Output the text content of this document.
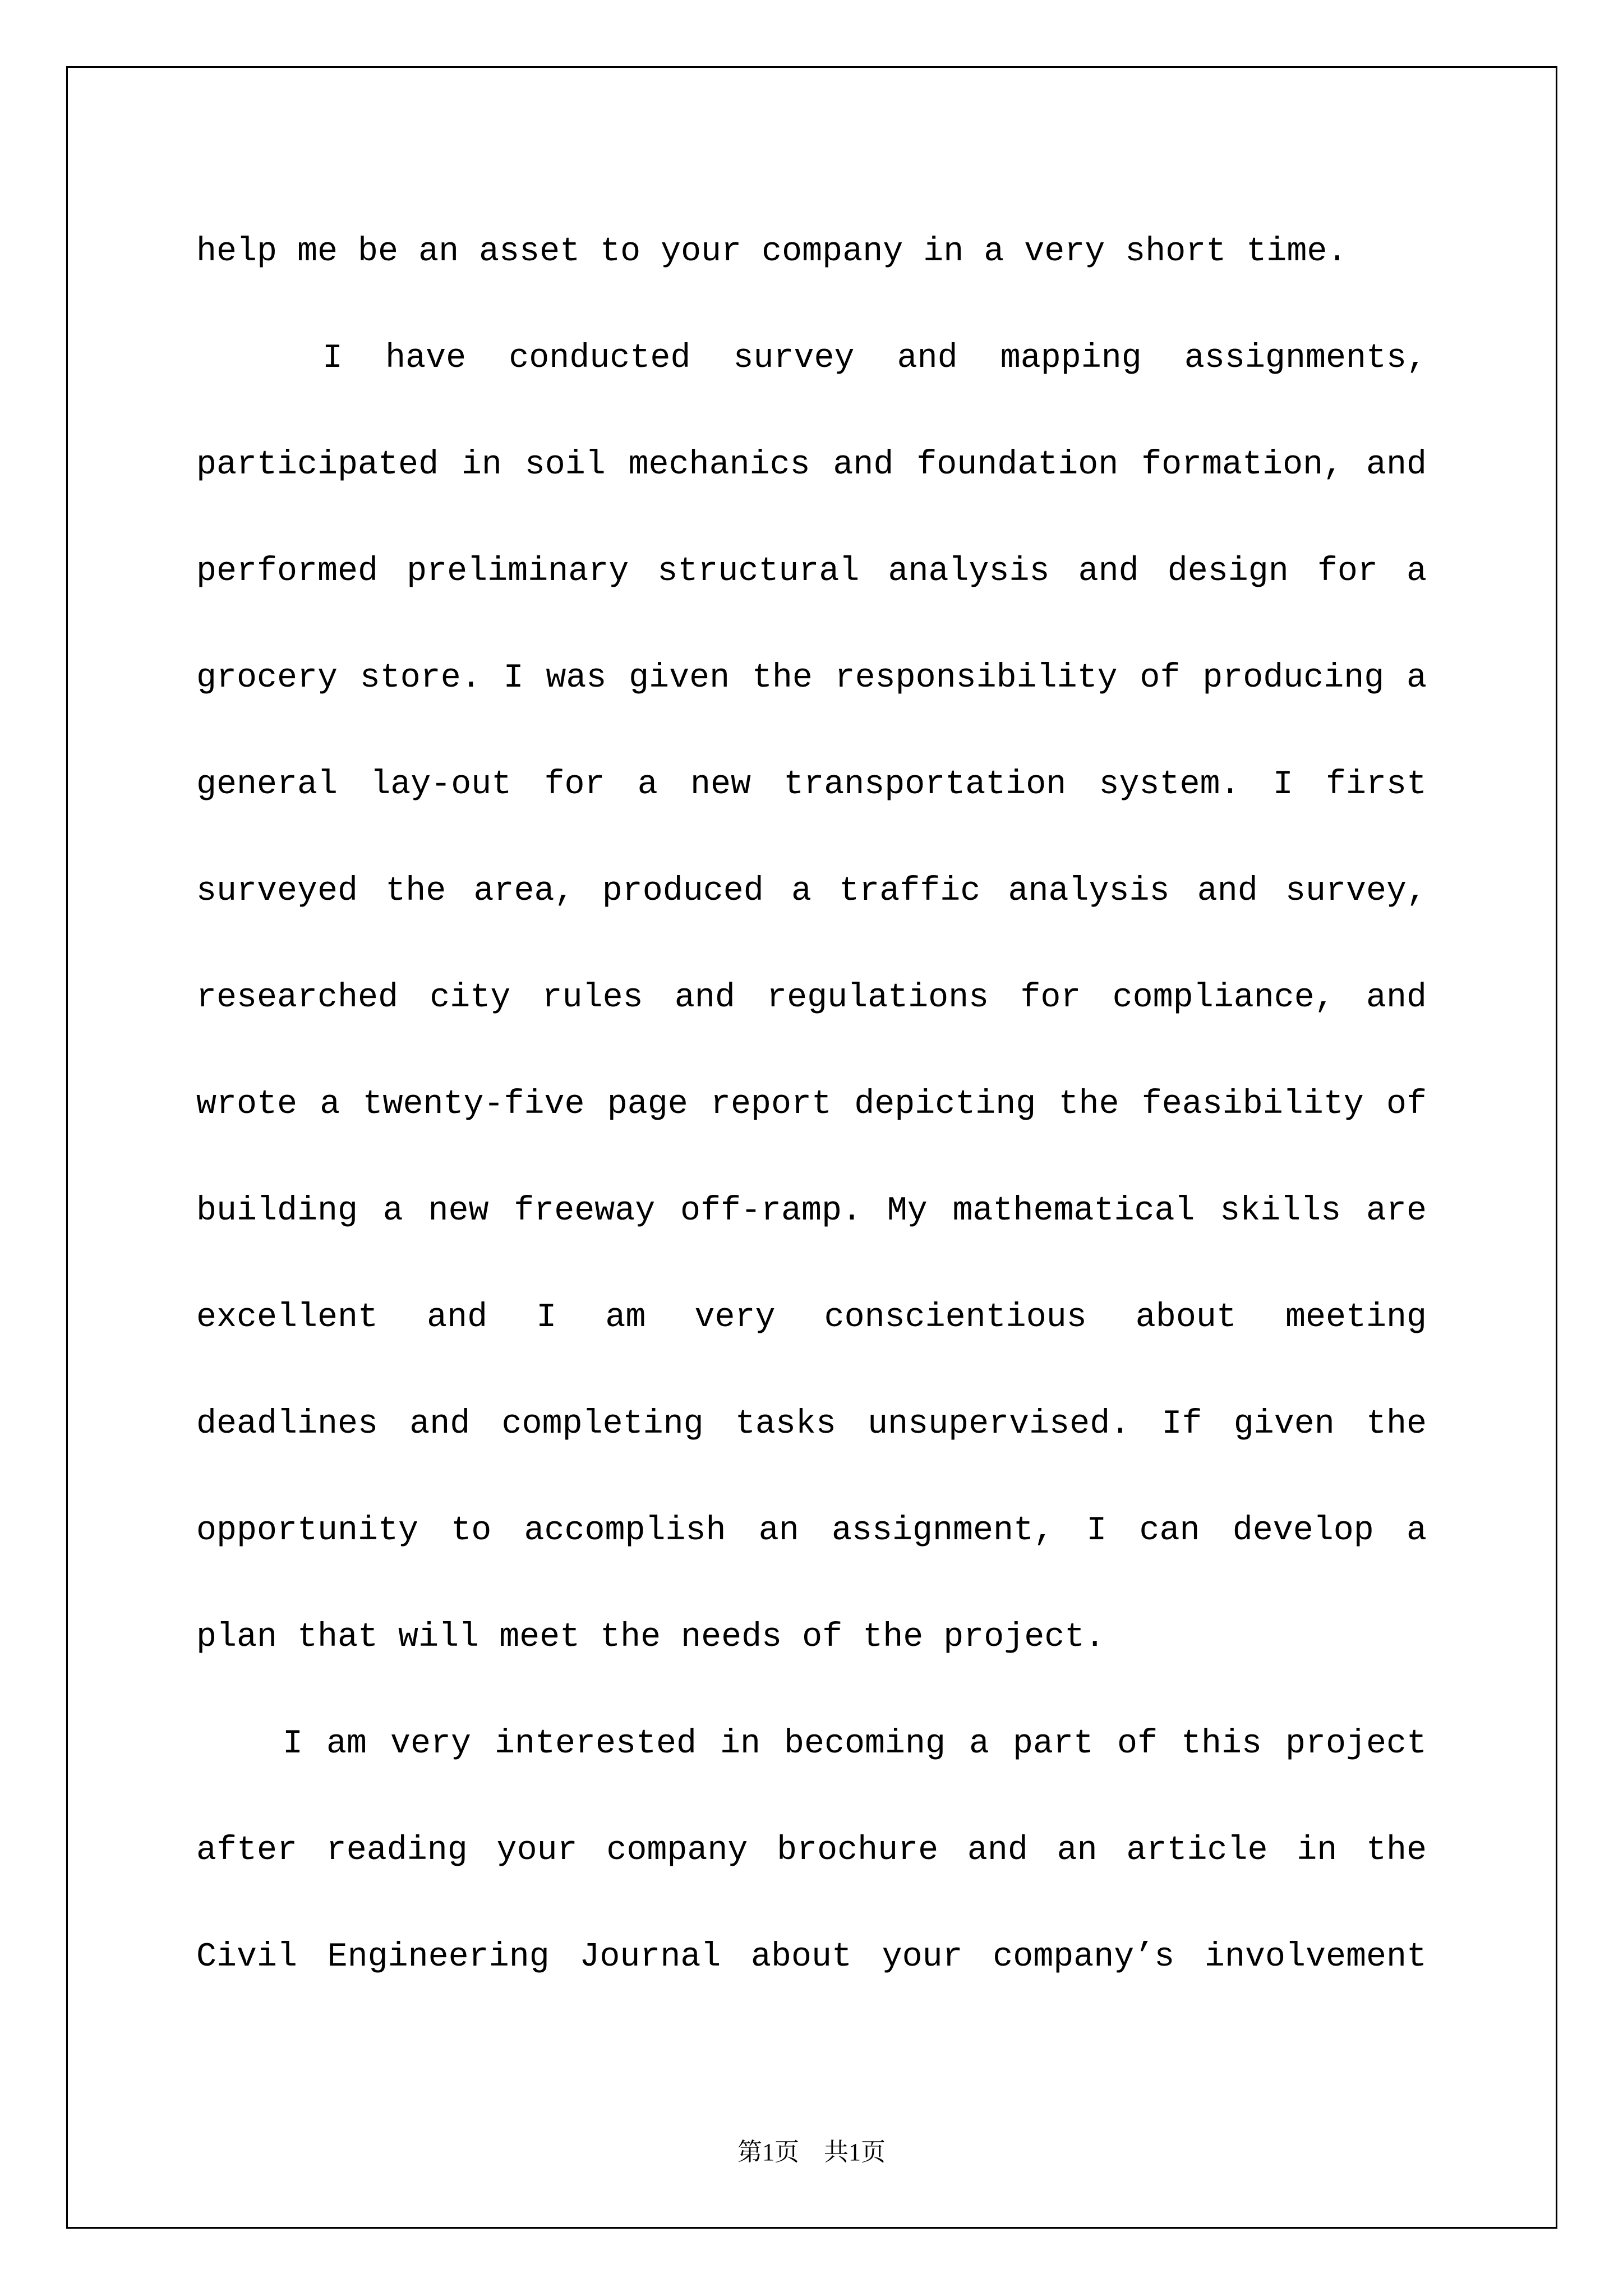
help me be an asset to your company in a very short time.
I have conducted survey and mapping assignments,
participated in soil mechanics and foundation formation, and
performed preliminary structural analysis and design for a
grocery store. I was given the responsibility of producing a
general lay-out for a new transportation system. I first
surveyed the area, produced a traffic analysis and survey,
researched city rules and regulations for compliance, and
wrote a twenty-five page report depicting the feasibility of
building a new freeway off-ramp. My mathematical skills are
excellent and I am very conscientious about meeting
deadlines and completing tasks unsupervised. If given the
opportunity to accomplish an assignment, I can develop a
plan that will meet the needs of the project.
I am very interested in becoming a part of this project
after reading your company brochure and an article in the
Civil Engineering Journal about your company’s involvement
第1页　共1页
